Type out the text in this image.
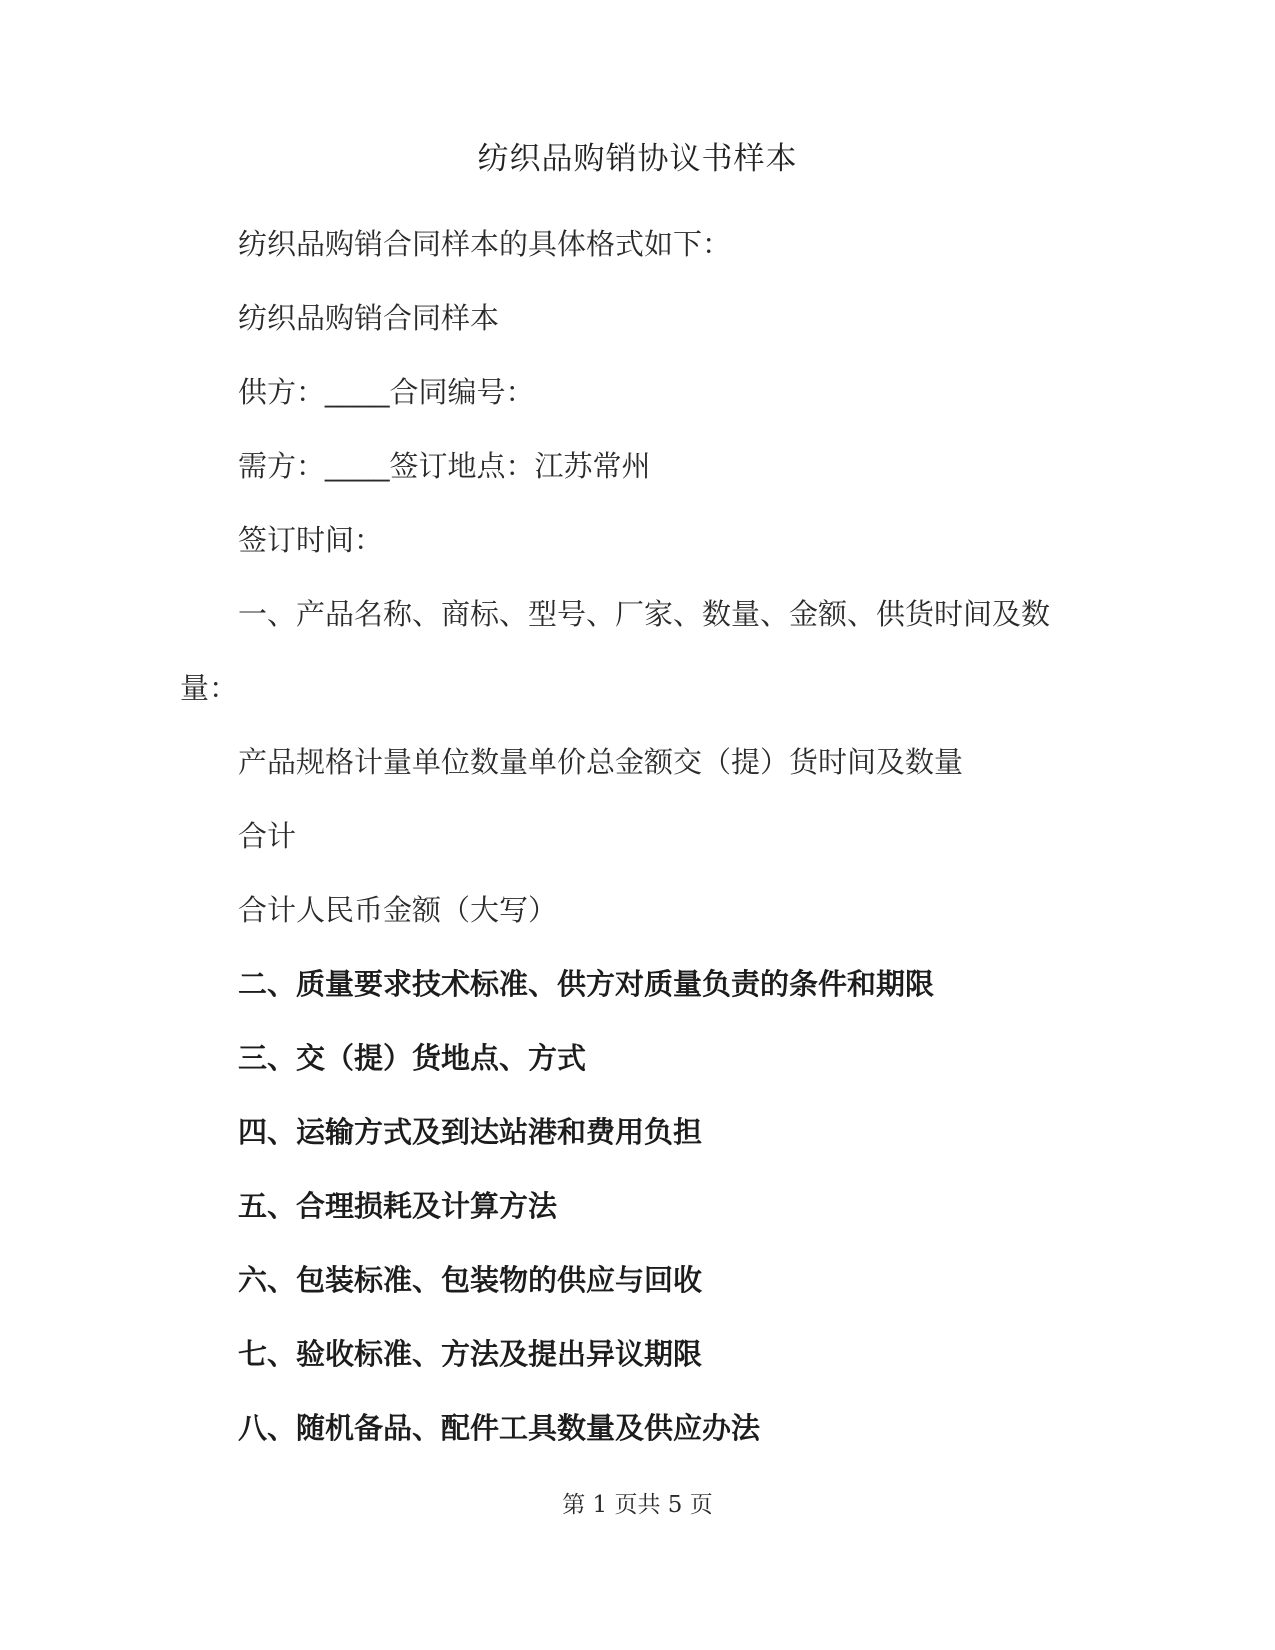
纺织品购销协议书样本

纺织品购销合同样本的具体格式如下：

纺织品购销合同样本

供方：____合同编号：

需方：____签订地点：江苏常州

签订时间：

一、产品名称、商标、型号、厂家、数量、金额、供货时间及数量：

产品规格计量单位数量单价总金额交（提）货时间及数量

合计

合计人民币金额（大写）

二、质量要求技术标准、供方对质量负责的条件和期限

三、交（提）货地点、方式

四、运输方式及到达站港和费用负担

五、合理损耗及计算方法

六、包装标准、包装物的供应与回收

七、验收标准、方法及提出异议期限

八、随机备品、配件工具数量及供应办法

第 1 页共 5 页
